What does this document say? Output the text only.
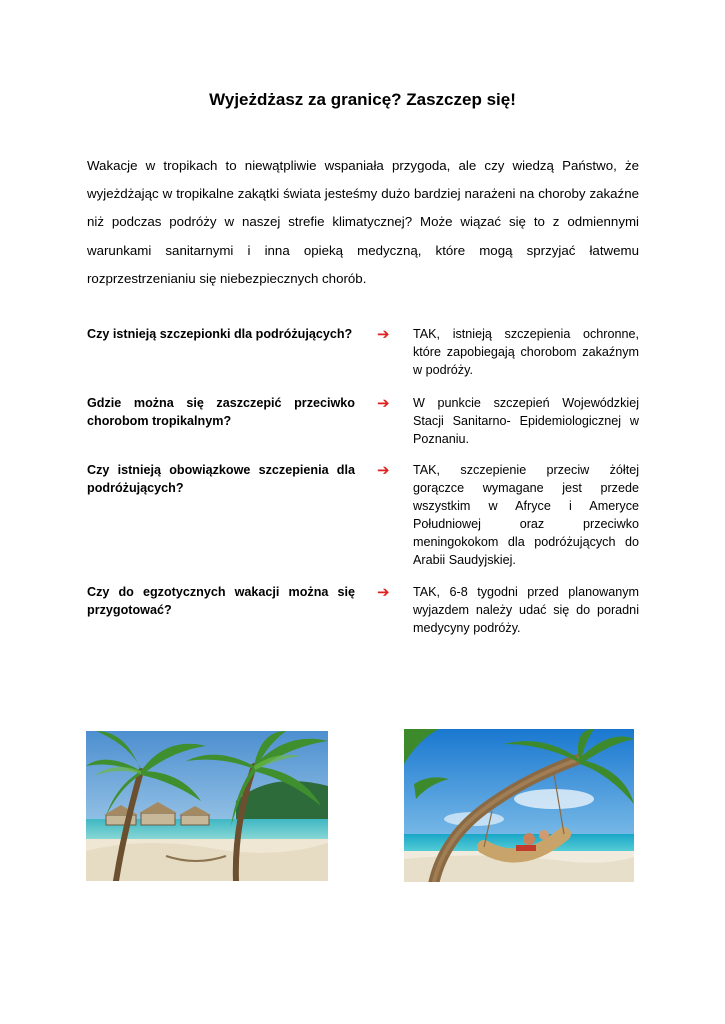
Wyjeżdżasz za granicę? Zaszczep się!

Wakacje w tropikach to niewątpliwie wspaniała przygoda, ale czy wiedzą Państwo, że wyjeżdżając w tropikalne zakątki świata jesteśmy dużo bardziej narażeni na choroby zakaźne niż podczas podróży w naszej strefie klimatycznej? Może wiązać się to z odmiennymi warunkami sanitarnymi i inna opieką medyczną, które mogą sprzyjać łatwemu rozprzestrzenianiu się niebezpiecznych chorób.

Czy istnieją szczepionki dla podróżujących? ➔ TAK, istnieją szczepienia ochronne, które zapobiegają chorobom zakaźnym w podróży.
Gdzie można się zaszczepić przeciwko chorobom tropikalnym?
➔ W punkcie szczepień Wojewódzkiej Stacji Sanitarno- Epidemiologicznej w Poznaniu.
Czy istnieją obowiązkowe szczepienia dla podróżujących?
➔ TAK, szczepienie przeciw żółtej gorączce wymagane jest przede wszystkim w Afryce i Ameryce Południowej oraz przeciwko meningokokom dla podróżujących do Arabii Saudyjskiej.
Czy do egzotycznych wakacji można się przygotować?
➔ TAK, 6-8 tygodni przed planowanym wyjazdem należy udać się do poradni medycyny podróży.
